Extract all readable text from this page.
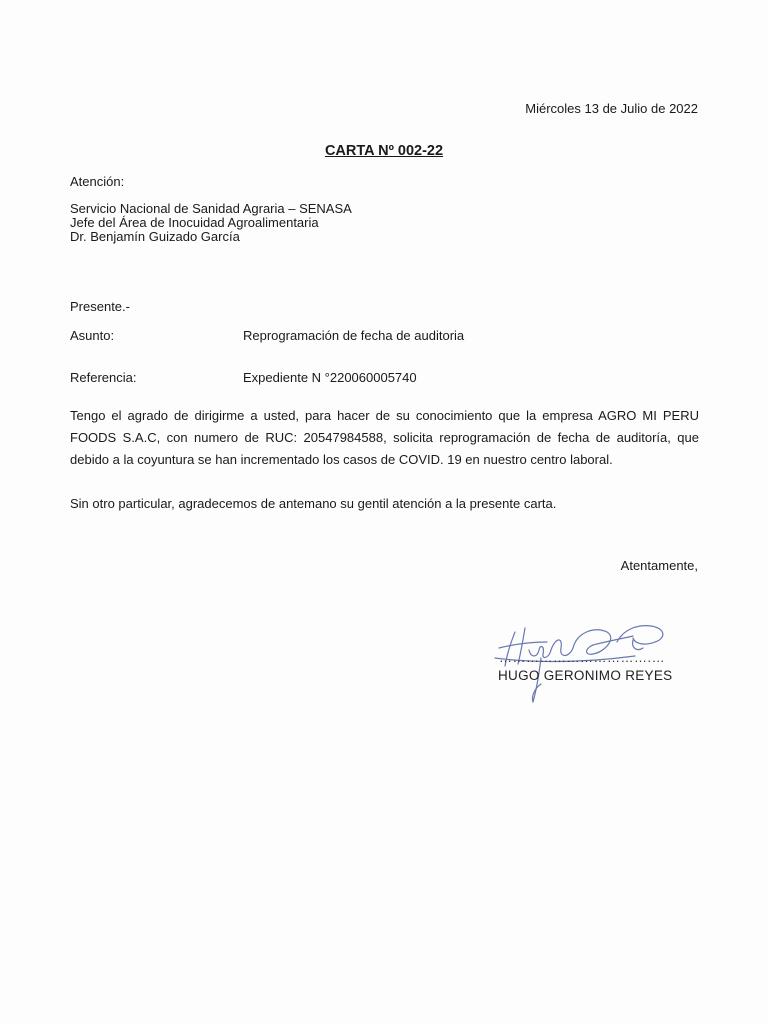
Miércoles 13 de Julio de 2022
CARTA Nº 002-22
Atención:
Servicio Nacional de Sanidad Agraria – SENASA
Jefe del Área de Inocuidad Agroalimentaria
Dr. Benjamín Guizado García
Presente.-
Asunto:	Reprogramación de fecha de auditoria
Referencia:	Expediente N °220060005740
Tengo el agrado de dirigirme a usted, para hacer de su conocimiento que la empresa AGRO MI PERU FOODS S.A.C, con numero de RUC: 20547984588, solicita reprogramación de fecha de auditoría, que debido a la coyuntura se han incrementado los casos de COVID. 19 en nuestro centro laboral.
Sin otro particular, agradecemos de antemano su gentil atención a la presente carta.
Atentamente,
…………………………….…
HUGO GERONIMO REYES
